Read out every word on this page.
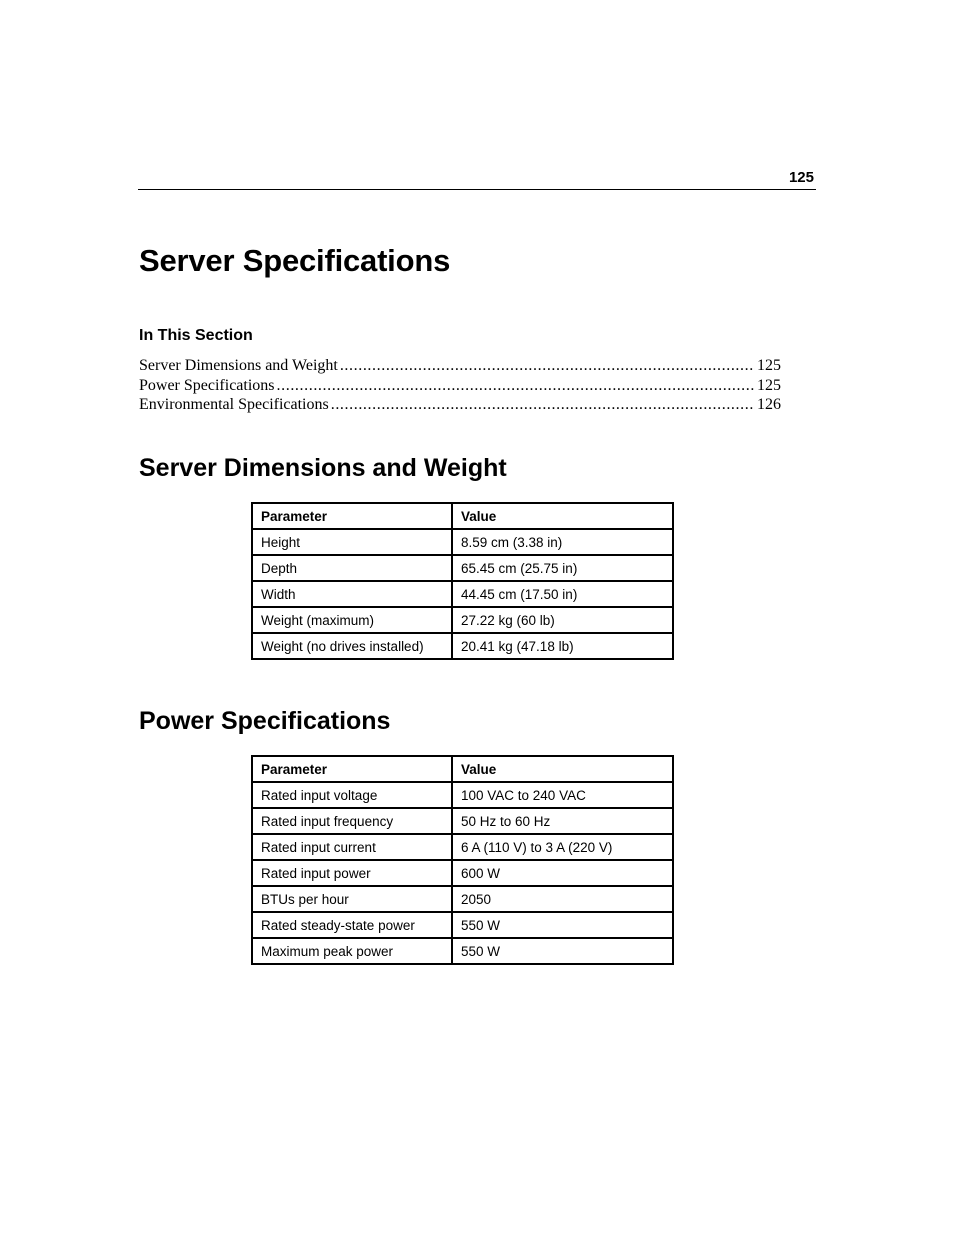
125
Server Specifications
In This Section
Server Dimensions and Weight .....	125
Power Specifications .....	125
Environmental Specifications .....	126
Server Dimensions and Weight
Parameter	Value
Height	8.59 cm (3.38 in)
Depth	65.45 cm (25.75 in)
Width	44.45 cm (17.50 in)
Weight (maximum)	27.22 kg (60 lb)
Weight (no drives installed)	20.41 kg (47.18 lb)
Power Specifications
Parameter	Value
Rated input voltage	100 VAC to 240 VAC
Rated input frequency	50 Hz to 60 Hz
Rated input current	6 A (110 V) to 3 A (220 V)
Rated input power	600 W
BTUs per hour	2050
Rated steady-state power	550 W
Maximum peak power	550 W
